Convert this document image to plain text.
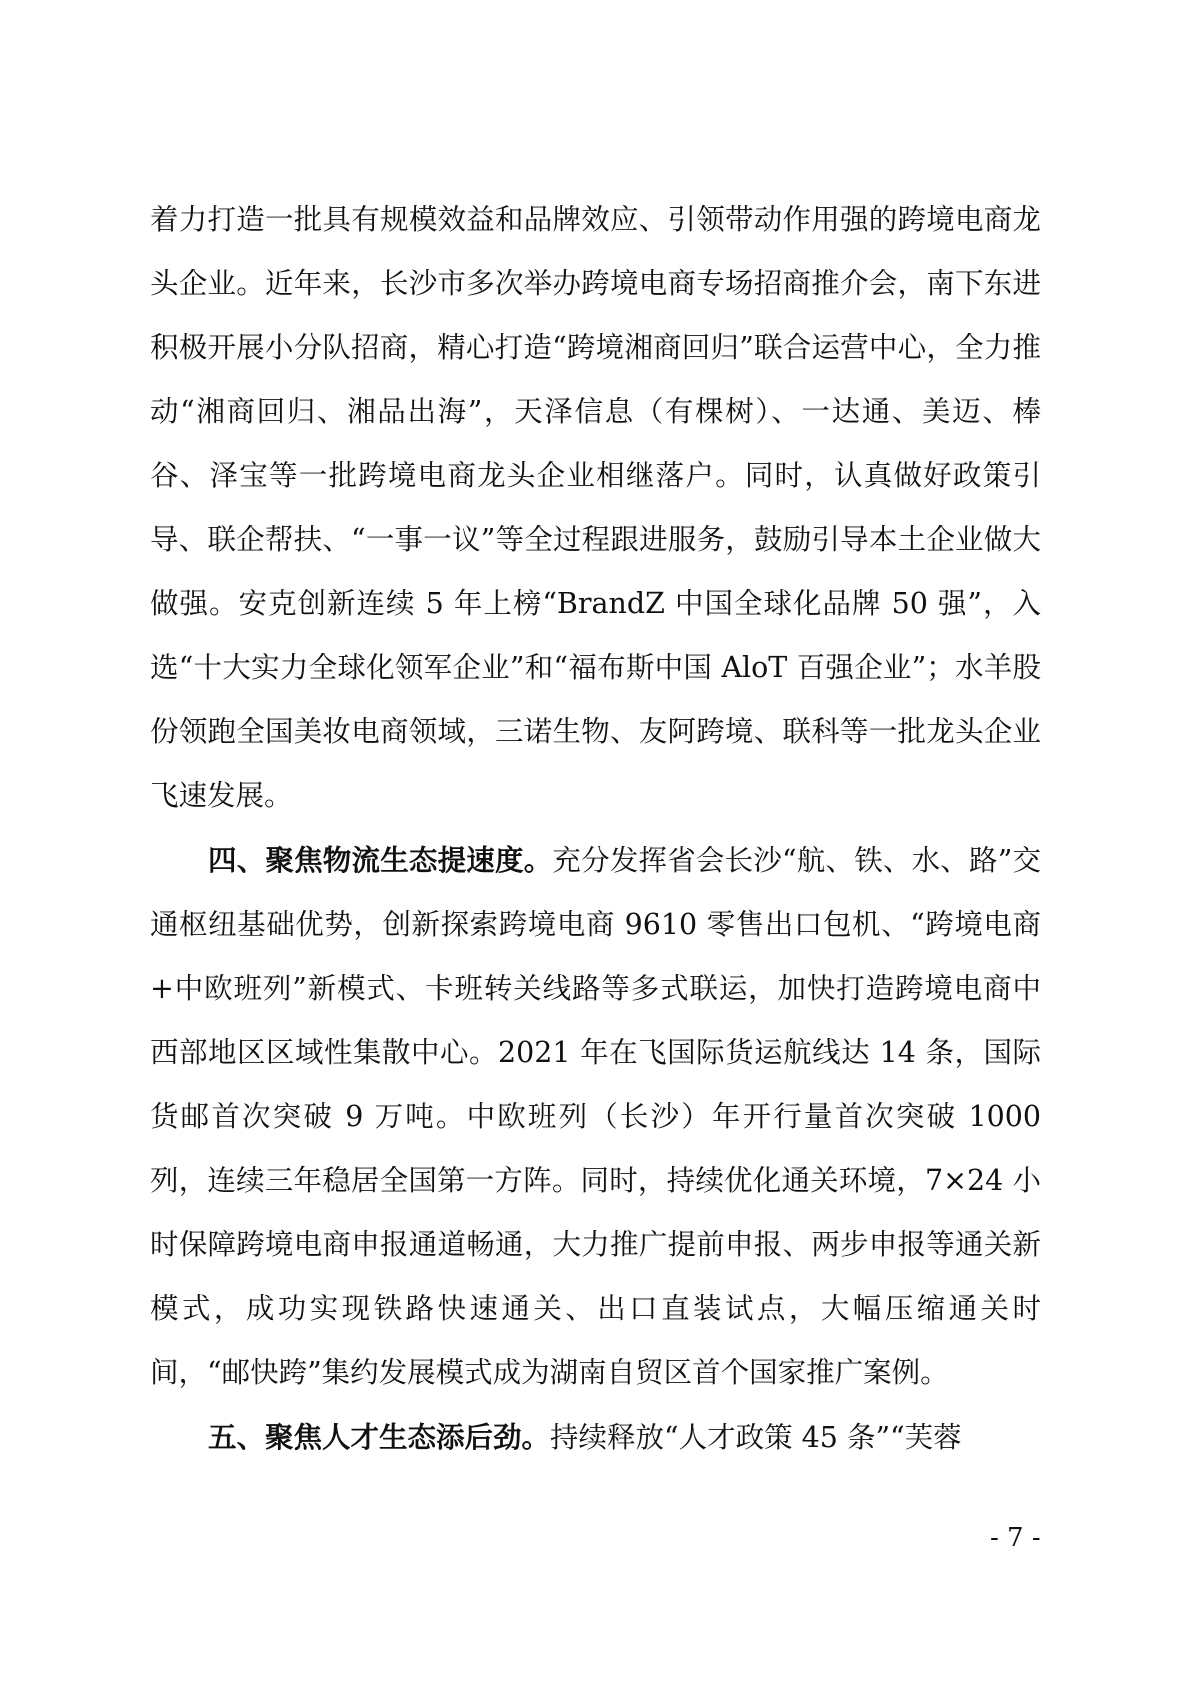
着力打造一批具有规模效益和品牌效应、引领带动作用强的跨境电商龙头企业。近年来，长沙市多次举办跨境电商专场招商推介会，南下东进积极开展小分队招商，精心打造“跨境湘商回归”联合运营中心，全力推动“湘商回归、湘品出海”，天泽信息（有棵树）、一达通、美迈、棒谷、泽宝等一批跨境电商龙头企业相继落户。同时，认真做好政策引导、联企帮扶、“一事一议”等全过程跟进服务，鼓励引导本土企业做大做强。安克创新连续 5 年上榜“BrandZ 中国全球化品牌 50 强”，入选“十大实力全球化领军企业”和“福布斯中国 AloT 百强企业”；水羊股份领跑全国美妆电商领域，三诺生物、友阿跨境、联科等一批龙头企业飞速发展。

四、聚焦物流生态提速度。充分发挥省会长沙“航、铁、水、路”交通枢纽基础优势，创新探索跨境电商 9610 零售出口包机、“跨境电商+中欧班列”新模式、卡班转关线路等多式联运，加快打造跨境电商中西部地区区域性集散中心。2021 年在飞国际货运航线达 14 条，国际货邮首次突破 9 万吨。中欧班列（长沙）年开行量首次突破 1000 列，连续三年稳居全国第一方阵。同时，持续优化通关环境，7×24 小时保障跨境电商申报通道畅通，大力推广提前申报、两步申报等通关新模式，成功实现铁路快速通关、出口直装试点，大幅压缩通关时间，“邮快跨”集约发展模式成为湖南自贸区首个国家推广案例。

五、聚焦人才生态添后劲。持续释放“人才政策 45 条”“芙蓉

- 7 -
